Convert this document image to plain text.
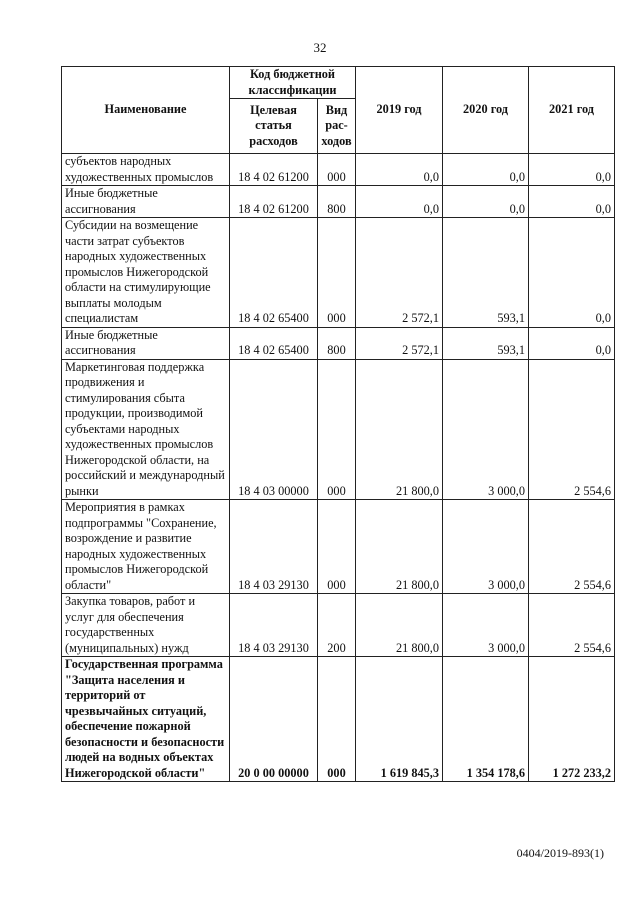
32
Наименование	Код бюджетной классификации		2019 год	2020 год	2021 год
	Целевая статья расходов	Вид рас-ходов			
субъектов народных художественных промыслов	18 4 02 61200	000	0,0	0,0	0,0
Иные бюджетные ассигнования	18 4 02 61200	800	0,0	0,0	0,0
Субсидии на возмещение части затрат субъектов народных художественных промыслов Нижегородской области на стимулирующие выплаты молодым специалистам	18 4 02 65400	000	2 572,1	593,1	0,0
Иные бюджетные ассигнования	18 4 02 65400	800	2 572,1	593,1	0,0
Маркетинговая поддержка продвижения и стимулирования сбыта продукции, производимой субъектами народных художественных промыслов Нижегородской области, на российский и международный рынки	18 4 03 00000	000	21 800,0	3 000,0	2 554,6
Мероприятия в рамках подпрограммы "Сохранение, возрождение и развитие народных художественных промыслов Нижегородской области"	18 4 03 29130	000	21 800,0	3 000,0	2 554,6
Закупка товаров, работ и услуг для обеспечения государственных (муниципальных) нужд	18 4 03 29130	200	21 800,0	3 000,0	2 554,6
Государственная программа "Защита населения и территорий от чрезвычайных ситуаций, обеспечение пожарной безопасности и безопасности людей на водных объектах Нижегородской области"	20 0 00 00000	000	1 619 845,3	1 354 178,6	1 272 233,2
0404/2019-893(1)
